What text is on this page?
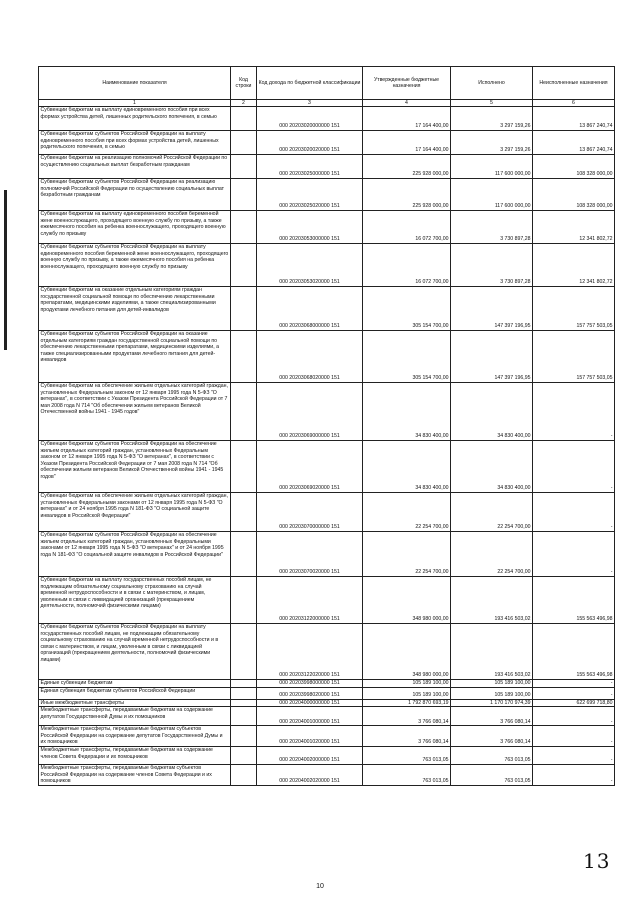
Наименование показателя	Код строки	Код дохода по бюджетной классификации	Утвержденные бюджетные назначения	Исполнено	Неисполненные назначения
1	2	3	4	5	6
Субвенции бюджетам на выплату единовременного пособия при всех формах устройства детей, лишенных родительского попечения, в семью		000 20203020000000 151	17 164 400,00	3 297 159,26	13 867 240,74
Субвенции бюджетам субъектов Российской Федерации на выплату единовременного пособия при всех формах устройства детей, лишенных родительского попечения, в семью		000 20203020020000 151	17 164 400,00	3 297 159,26	13 867 240,74
Субвенции бюджетам на реализацию полномочий Российской Федерации по осуществлению социальных выплат безработным гражданам		000 20203025000000 151	225 928 000,00	117 600 000,00	108 328 000,00
Субвенции бюджетам субъектов Российской Федерации на реализацию полномочий Российской Федерации по осуществлению социальных выплат безработным гражданам		000 20203025020000 151	225 928 000,00	117 600 000,00	108 328 000,00
Субвенции бюджетам на выплату единовременного пособия беременной жене военнослужащего, проходящего военную службу по призыву, а также ежемесячного пособия на ребенка военнослужащего, проходящего военную службу по призыву		000 20203053000000 151	16 072 700,00	3 730 897,28	12 341 802,72
Субвенции бюджетам субъектов Российской Федерации на выплату единовременного пособия беременной жене военнослужащего, проходящего военную службу по призыву, а также ежемесячного пособия на ребенка военнослужащего, проходящего военную службу по призыву		000 20203053020000 151	16 072 700,00	3 730 897,28	12 341 802,72
Субвенции бюджетам на оказание отдельным категориям граждан государственной социальной помощи по обеспечению лекарственными препаратами, медицинскими изделиями, а также специализированными продуктами лечебного питания для детей-инвалидов		000 20203068000000 151	305 154 700,00	147 397 196,95	157 757 503,05
Субвенции бюджетам субъектов Российской Федерации на оказание отдельным категориям граждан государственной социальной помощи по обеспечению лекарственными препаратами, медицинскими изделиями, а также специализированными продуктами лечебного питания для детей-инвалидов		000 20203068020000 151	305 154 700,00	147 397 196,95	157 757 503,05
Субвенции бюджетам на обеспечение жильем отдельных категорий граждан, установленных Федеральным законом от 12 января 1995 года N 5-ФЗ "О ветеранах", в соответствии с Указом Президента Российской Федерации от 7 мая 2008 года N 714 "Об обеспечении жильем ветеранов Великой Отечественной войны 1941 - 1945 годов"		000 20203069000000 151	34 830 400,00	34 830 400,00	-
Субвенции бюджетам субъектов Российской Федерации на обеспечение жильем отдельных категорий граждан, установленных Федеральным законом от 12 января 1995 года N 5-ФЗ "О ветеранах", в соответствии с Указом Президента Российской Федерации от 7 мая 2008 года N 714 "Об обеспечении жильем ветеранов Великой Отечественной войны 1941 - 1945 годов"		000 20203069020000 151	34 830 400,00	34 830 400,00	-
Субвенции бюджетам на обеспечение жильем отдельных категорий граждан, установленных Федеральными законами от 12 января 1995 года N 5-ФЗ "О ветеранах" и от 24 ноября 1995 года N 181-ФЗ "О социальной защите инвалидов в Российской Федерации"		000 20203070000000 151	22 254 700,00	22 254 700,00	-
Субвенции бюджетам субъектов Российской Федерации на обеспечение жильем отдельных категорий граждан, установленных Федеральными законами от 12 января 1995 года N 5-ФЗ "О ветеранах" и от 24 ноября 1995 года N 181-ФЗ "О социальной защите инвалидов в Российской Федерации"		000 20203070020000 151	22 254 700,00	22 254 700,00	-
Субвенции бюджетам на выплату государственных пособий лицам, не подлежащим обязательному социальному страхованию на случай временной нетрудоспособности и в связи с материнством, и лицам, уволенным в связи с ликвидацией организаций (прекращением деятельности, полномочий физическими лицами)		000 20203122000000 151	348 980 000,00	193 416 503,02	155 563 496,98
Субвенции бюджетам субъектов Российской Федерации на выплату государственных пособий лицам, не подлежащим обязательному социальному страхованию на случай временной нетрудоспособности и в связи с материнством, и лицам, уволенным в связи с ликвидацией организаций (прекращением деятельности, полномочий физическими лицами)		000 20203122020000 151	348 980 000,00	193 416 503,02	155 563 496,98
Единые субвенции бюджетам		000 20203998000000 151	105 189 100,00	105 189 100,00	-
Единая субвенция бюджетам субъектов Российской Федерации		000 20203998020000 151	105 189 100,00	105 189 100,00	-
Иные межбюджетные трансферты		000 20204000000000 151	1 792 870 693,19	1 170 170 974,39	622 699 718,80
Межбюджетные трансферты, передаваемые бюджетам на содержание депутатов Государственной Думы и их помощников		000 20204001000000 151	3 766 080,14	3 766 080,14	-
Межбюджетные трансферты, передаваемые бюджетам субъектов Российской Федерации на содержание депутатов Государственной Думы и их помощников		000 20204001020000 151	3 766 080,14	3 766 080,14	-
Межбюджетные трансферты, передаваемые бюджетам на содержание членов Совета Федерации и их помощников		000 20204002000000 151	763 013,05	763 013,05	-
Межбюджетные трансферты, передаваемые бюджетам субъектов Российской Федерации на содержание членов Совета Федерации и их помощников		000 20204002020000 151	763 013,05	763 013,05	-
13
10
